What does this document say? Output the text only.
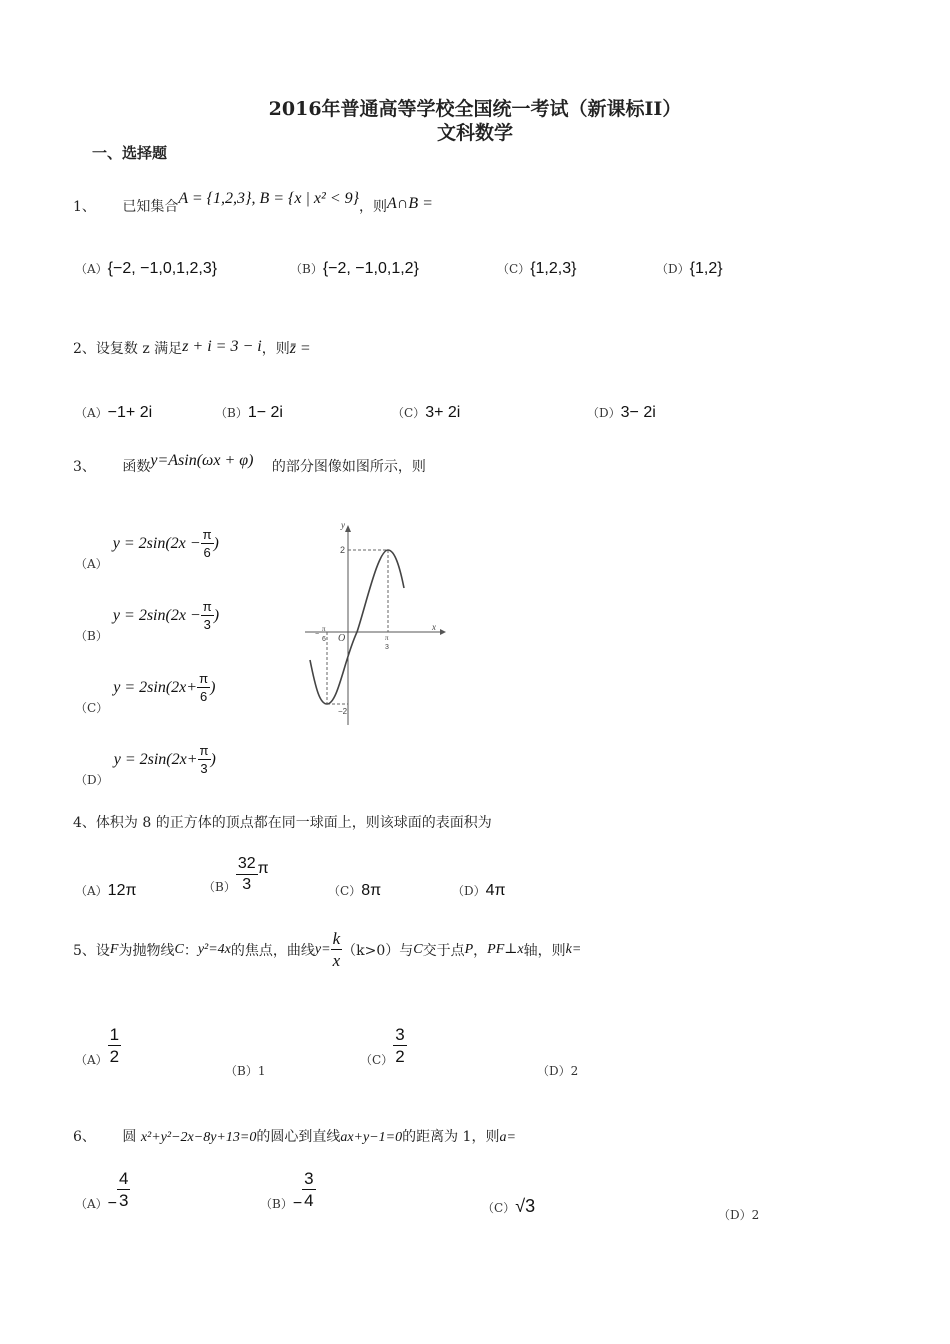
2016年普通高等学校全国统一考试（新课标II）
文科数学
一、选择题
1、 已知集合A = {1,2,3}, B = {x | x² < 9}，则A∩B =
（A）{−2, −1,0,1,2,3}	（B）{−2, −1,0,1,2}	（C）{1,2,3}	（D）{1,2}
2、设复数 z 满足z + i = 3 − i，则z̄ =
（A）−1+ 2i	（B）1− 2i	（C）3+ 2i	（D）3− 2i
3、 函数y=Asin(ωx + φ) 的部分图像如图所示，则
$_{(A)}$ $y = 2\sin(2x - \frac{\pi}{6}$ )
$_{(B)}$ $y = 2\sin(2x - \frac{\pi}{3}$ )
$_{(C)}$ $y = 2\sin(2x+ \frac{\pi}{6}$ )
$_{(D)}$ $y = 2\sin(2x+ \frac{\pi}{3}$ )
y
x
O
2
−2
−
π
6	π
3
4、体积为 8 的正方体的顶点都在同一球面上，则该球面的表面积为
（A）12π	$_{(B)} \frac{32}{3}$ π
（C）8π	（D）4π
5、设 F 为抛物线 C ： y²=4x 的焦点，曲线 $y= \frac{k}{x} (k>0)$与 C 交于点 P ， PF⊥x 轴，则 k=
$_{(A)} \frac{1}{2}$
（B）1
$_{(C)} \frac{3}{2}$
（D）2
6、 圆 x²+y²−2x−8y+13=0的圆心到直线ax+y−1=0的距离为 1，则a=
$_{(A)}- \frac{4}{3}$	$_{(B)}- \frac{3}{4}$	（C）√3	（D）2
